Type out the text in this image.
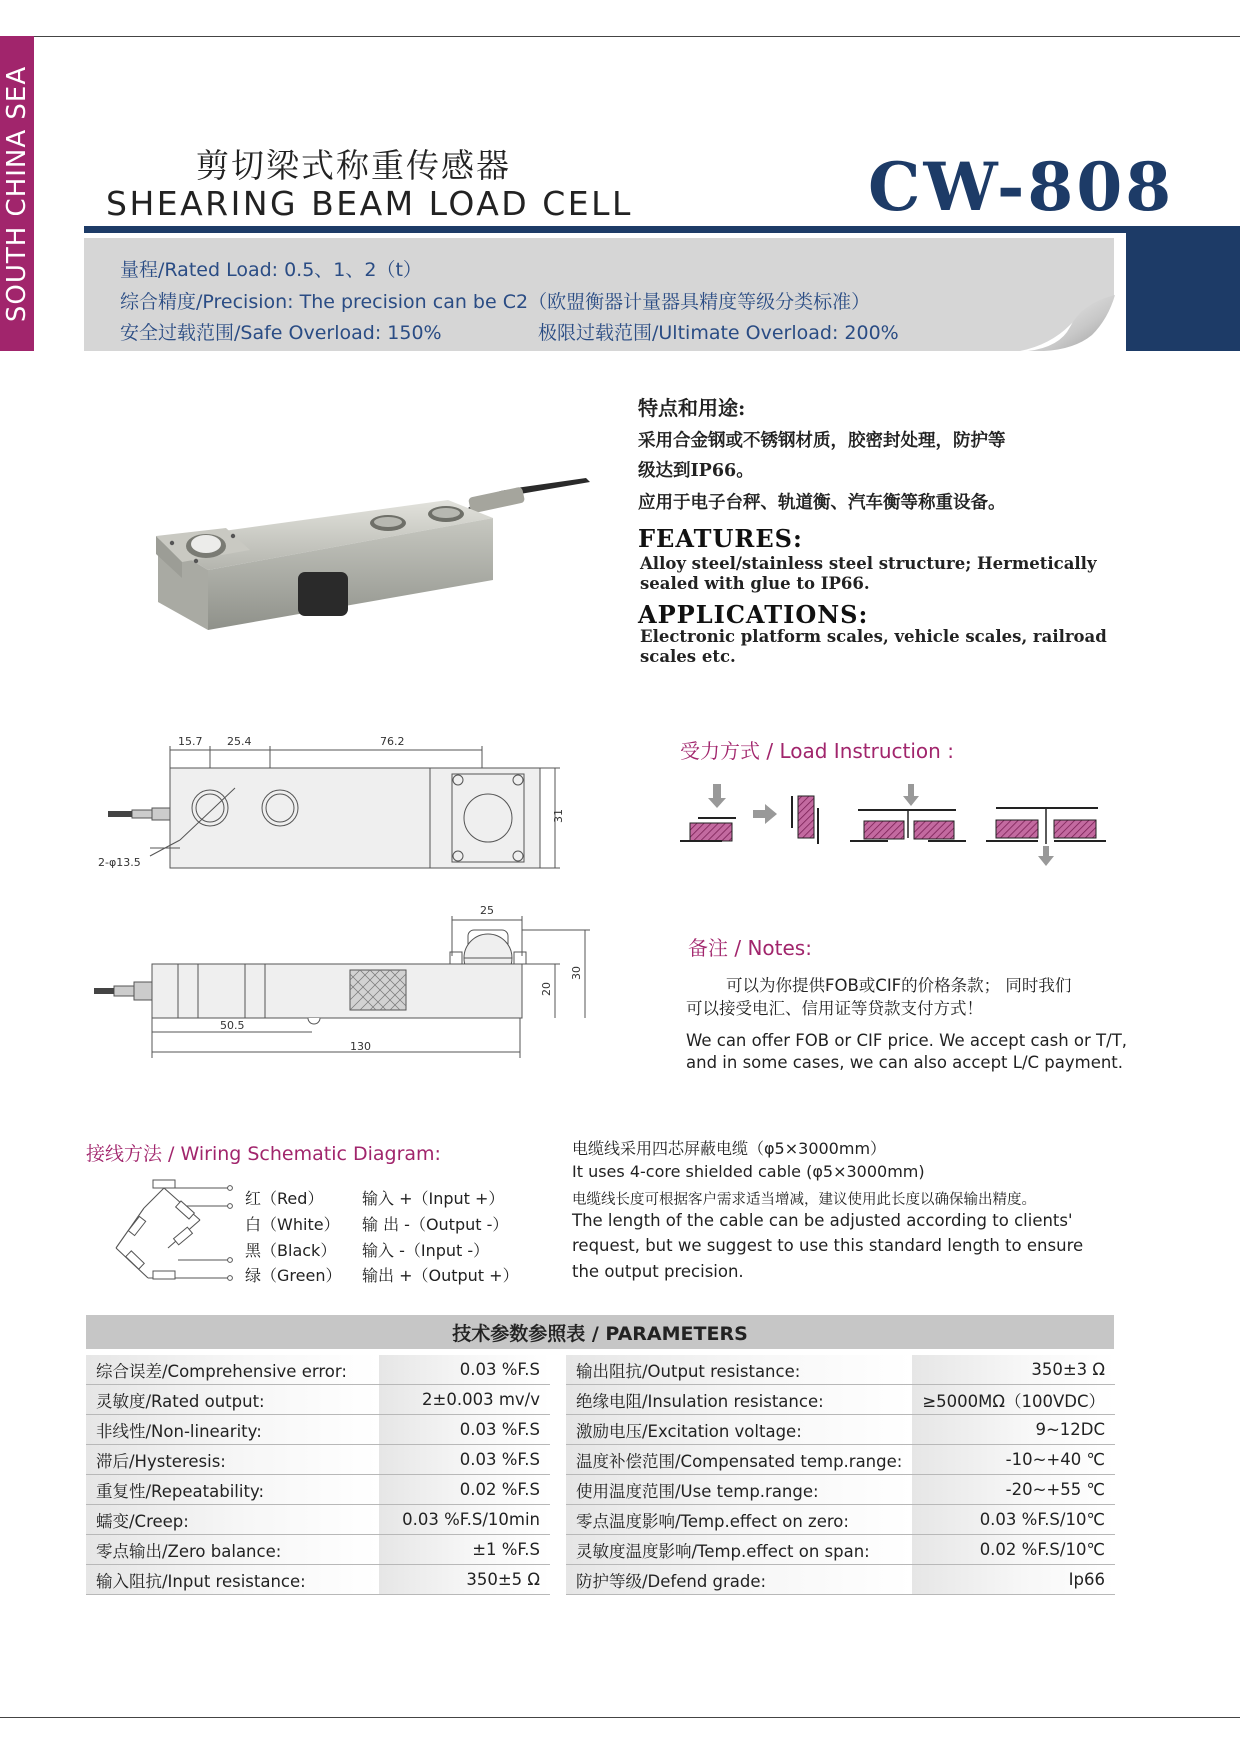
SOUTH CHINA SEA	剪切梁式称重传感器
SHEARING BEAM LOAD CELL	CW-808
量程/Rated Load: 0.5、1、2（t）
综合精度/Precision: The precision can be C2（欧盟衡器计量器具精度等级分类标准）
安全过载范围/Safe Overload: 150%	极限过载范围/Ultimate Overload: 200%
特点和用途:
采用合金钢或不锈钢材质，胶密封处理，防护等
级达到IP66。
应用于电子台秤、轨道衡、汽车衡等称重设备。
FEATURES:
Alloy steel/stainless steel structure; Hermetically
sealed with glue to IP66.
APPLICATIONS:
Electronic platform scales, vehicle scales, railroad
scales etc.
15.7 25.4	76.2
31
2-φ13.5
25
20
30
50.5
130
受力方式 / Load Instruction :
备注 / Notes:
可以为你提供FOB或CIF的价格条款； 同时我们
可以接受电汇、信用证等贷款支付方式！
We can offer FOB or CIF price. We accept cash or T/T,
and in some cases, we can also accept L/C payment.
接线方法 / Wiring Schematic Diagram:
红（Red） 输入 +（Input +）
白（White） 输 出 -（Output -）
黑（Black） 输入 -（Input -）
绿（Green） 输出 +（Output +）
电缆线采用四芯屏蔽电缆（φ5×3000mm）
It uses 4-core shielded cable (φ5×3000mm)
电缆线长度可根据客户需求适当增减，建议使用此长度以确保输出精度。
The length of the cable can be adjusted according to clients'
request, but we suggest to use this standard length to ensure
the output precision.
技术参数参照表 / PARAMETERS
综合误差/Comprehensive error:	0.03 %F.S
灵敏度/Rated output:	2±0.003 mv/v
非线性/Non-linearity:	0.03 %F.S
滞后/Hysteresis:	0.03 %F.S
重复性/Repeatability:	0.02 %F.S
蠕变/Creep:	0.03 %F.S/10min
零点输出/Zero balance:	±1 %F.S
输入阻抗/Input resistance:	350±5 Ω
输出阻抗/Output resistance:	350±3 Ω
绝缘电阻/Insulation resistance:	≥5000MΩ（100VDC）
激励电压/Excitation voltage:	9~12DC
温度补偿范围/Compensated temp.range:	-10~+40 ℃
使用温度范围/Use temp.range:	-20~+55 ℃
零点温度影响/Temp.effect on zero:	0.03 %F.S/10℃
灵敏度温度影响/Temp.effect on span:	0.02 %F.S/10℃
防护等级/Defend grade:	Ip66
